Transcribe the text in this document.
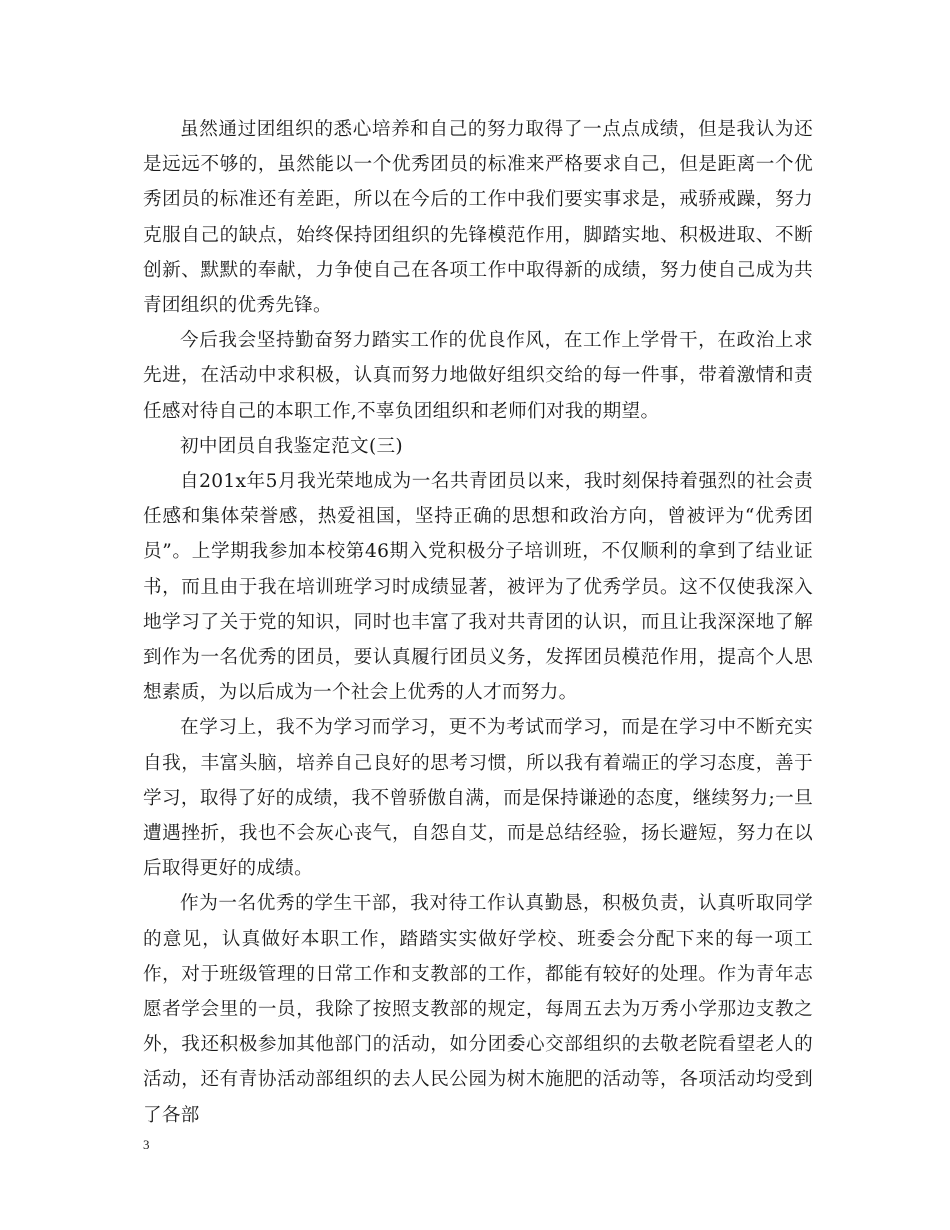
虽然通过团组织的悉心培养和自己的努力取得了一点点成绩，但是我认为还是远远不够的，虽然能以一个优秀团员的标准来严格要求自己，但是距离一个优秀团员的标准还有差距，所以在今后的工作中我们要实事求是，戒骄戒躁，努力克服自己的缺点，始终保持团组织的先锋模范作用，脚踏实地、积极进取、不断创新、默默的奉献，力争使自己在各项工作中取得新的成绩，努力使自己成为共青团组织的优秀先锋。

今后我会坚持勤奋努力踏实工作的优良作风，在工作上学骨干，在政治上求先进，在活动中求积极，认真而努力地做好组织交给的每一件事，带着激情和责任感对待自己的本职工作,不辜负团组织和老师们对我的期望。

初中团员自我鉴定范文(三)

自201x年5月我光荣地成为一名共青团员以来，我时刻保持着强烈的社会责任感和集体荣誉感，热爱祖国，坚持正确的思想和政治方向，曾被评为“优秀团员”。上学期我参加本校第46期入党积极分子培训班，不仅顺利的拿到了结业证书，而且由于我在培训班学习时成绩显著，被评为了优秀学员。这不仅使我深入地学习了关于党的知识，同时也丰富了我对共青团的认识，而且让我深深地了解到作为一名优秀的团员，要认真履行团员义务，发挥团员模范作用，提高个人思想素质，为以后成为一个社会上优秀的人才而努力。

在学习上，我不为学习而学习，更不为考试而学习，而是在学习中不断充实自我，丰富头脑，培养自己良好的思考习惯，所以我有着端正的学习态度，善于学习，取得了好的成绩，我不曾骄傲自满，而是保持谦逊的态度，继续努力;一旦遭遇挫折，我也不会灰心丧气，自怨自艾，而是总结经验，扬长避短，努力在以后取得更好的成绩。

作为一名优秀的学生干部，我对待工作认真勤恳，积极负责，认真听取同学的意见，认真做好本职工作，踏踏实实做好学校、班委会分配下来的每一项工作，对于班级管理的日常工作和支教部的工作，都能有较好的处理。作为青年志愿者学会里的一员，我除了按照支教部的规定，每周五去为万秀小学那边支教之外，我还积极参加其他部门的活动，如分团委心交部组织的去敬老院看望老人的活动，还有青协活动部组织的去人民公园为树木施肥的活动等，各项活动均受到了各部

3
